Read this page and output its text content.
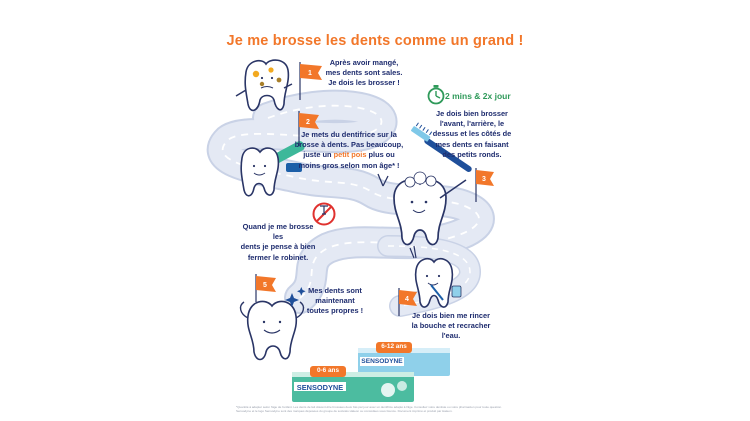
1
2
3
4
5
Je me brosse les dents comme un grand !
Après avoir mangé,
mes dents sont sales.
Je dois les brosser !
Je mets du dentifrice sur la
brosse à dents. Pas beaucoup,
juste un petit pois plus ou
moins gros selon mon âge* !
2 mins & 2x jour
Je dois bien brosser
l'avant, l'arrière, le
dessus et les côtés de
mes dents en faisant
des petits ronds.
Quand je me brosse les
dents je pense à bien
fermer le robinet.
Mes dents sont
maintenant
toutes propres !
Je dois bien me rincer
la bouche et recracher
l'eau.
6-12 ans
SENSODYNE
0-6 ans
SENSODYNE
*Quantité à adapter selon l'âge de l'enfant. Les dents de lait doivent être brossées deux fois par jour avec un dentifrice adapté à l'âge. Consultez votre dentiste ou votre pharmacien pour toute question. Sensodyne et le logo Sensodyne sont des marques déposées du groupe de sociétés Haleon ou concédées sous licence. Document imprimé et produit par Haleon.
